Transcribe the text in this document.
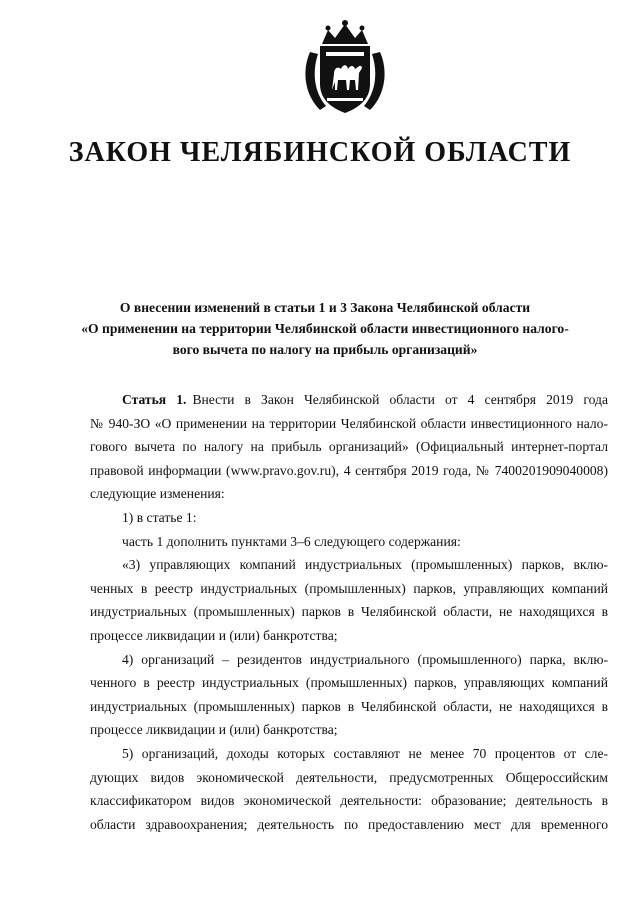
ЗАКОН ЧЕЛЯБИНСКОЙ ОБЛАСТИ
О внесении изменений в статьи 1 и 3 Закона Челябинской области
«О применении на территории Челябинской области инвестиционного налого-
вого вычета по налогу на прибыль организаций»
Статья 1. Внести в Закон Челябинской области от 4 сентября 2019 года
№ 940-ЗО «О применении на территории Челябинской области инвестиционного нало-
гового вычета по налогу на прибыль организаций» (Официальный интернет-портал
правовой информации (www.pravo.gov.ru), 4 сентября 2019 года, № 7400201909040008)
следующие изменения:
1) в статье 1:
часть 1 дополнить пунктами 3–6 следующего содержания:
«3) управляющих компаний индустриальных (промышленных) парков, вклю-
ченных в реестр индустриальных (промышленных) парков, управляющих компаний
индустриальных (промышленных) парков в Челябинской области, не находящихся в
процессе ликвидации и (или) банкротства;
4) организаций – резидентов индустриального (промышленного) парка, вклю-
ченного в реестр индустриальных (промышленных) парков, управляющих компаний
индустриальных (промышленных) парков в Челябинской области, не находящихся в
процессе ликвидации и (или) банкротства;
5) организаций, доходы которых составляют не менее 70 процентов от сле-
дующих видов экономической деятельности, предусмотренных Общероссийским
классификатором видов экономической деятельности: образование; деятельность в
области здравоохранения; деятельность по предоставлению мест для временного
